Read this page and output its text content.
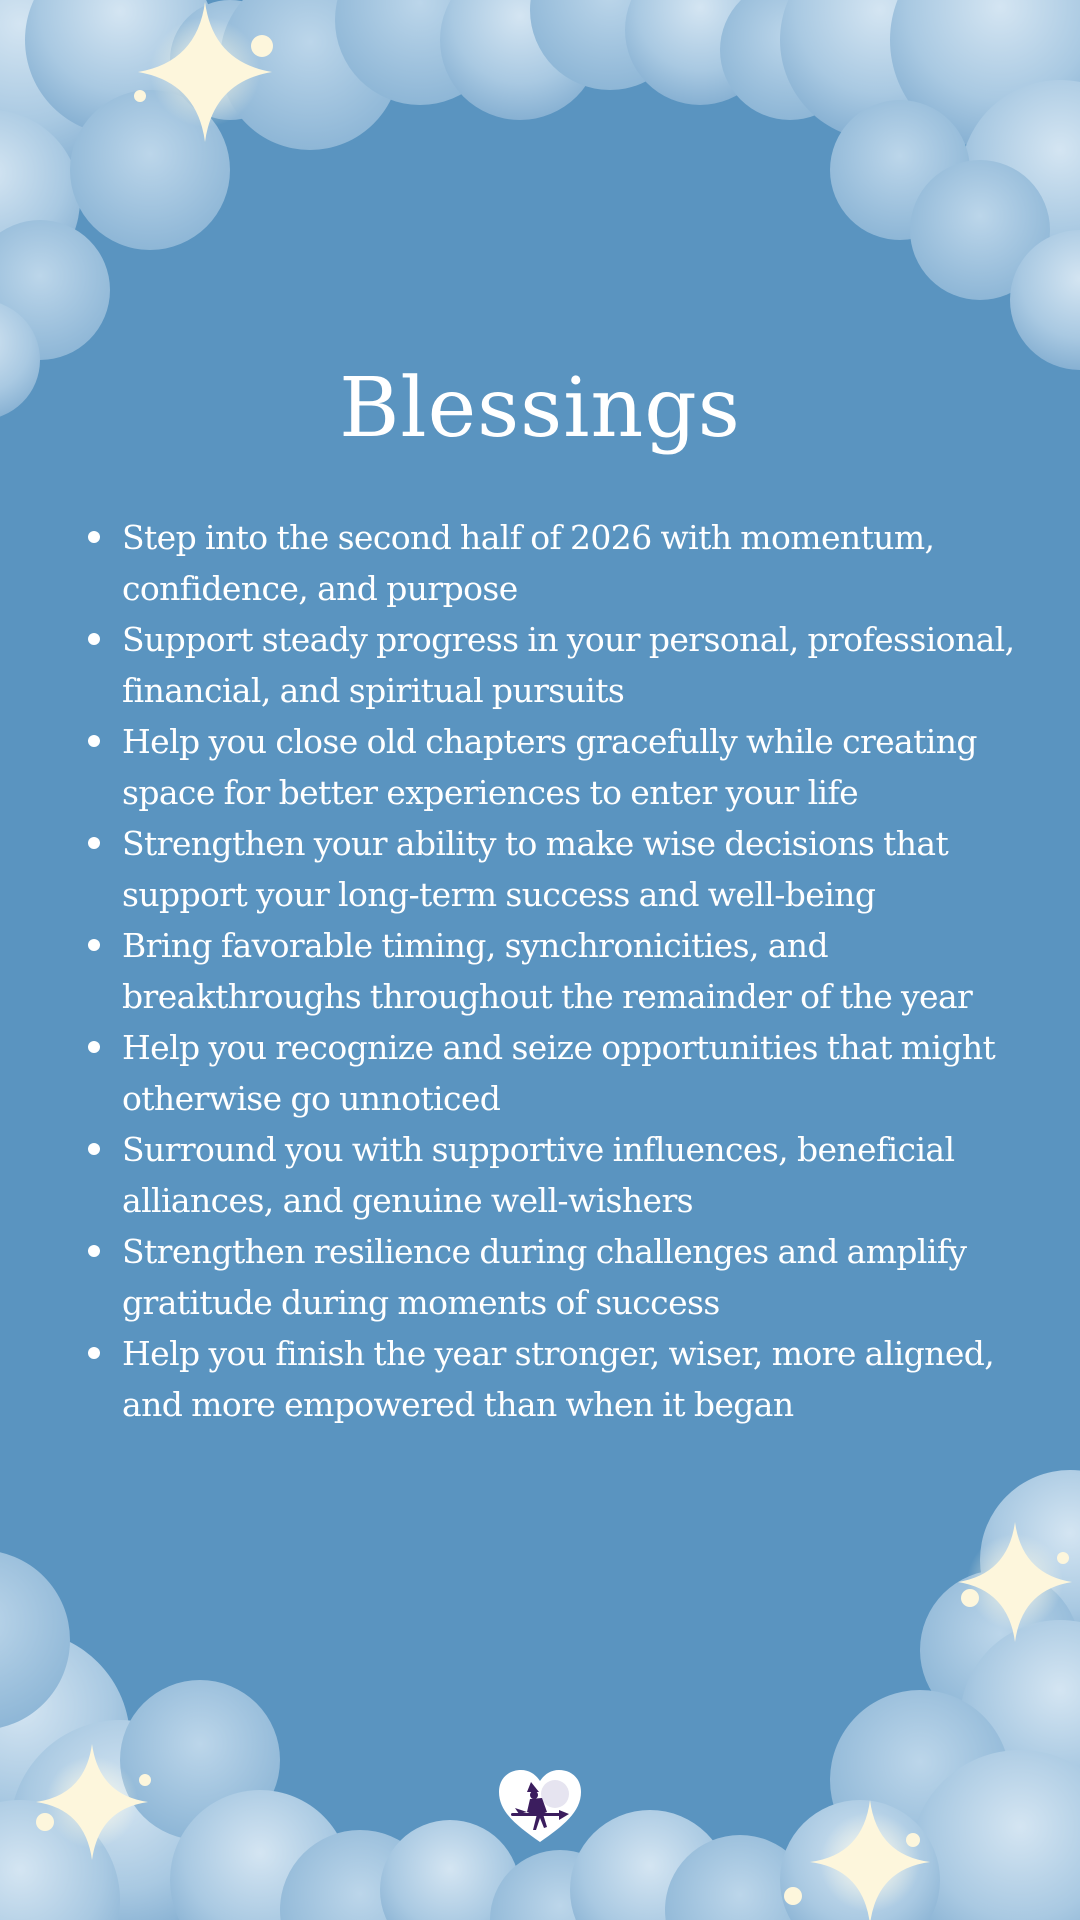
Blessings
Step into the second half of 2026 with momentum, confidence, and purpose
Support steady progress in your personal, professional, financial, and spiritual pursuits
Help you close old chapters gracefully while creating space for better experiences to enter your life
Strengthen your ability to make wise decisions that support your long-term success and well-being
Bring favorable timing, synchronicities, and breakthroughs throughout the remainder of the year
Help you recognize and seize opportunities that might otherwise go unnoticed
Surround you with supportive influences, beneficial alliances, and genuine well-wishers
Strengthen resilience during challenges and amplify gratitude during moments of success
Help you finish the year stronger, wiser, more aligned, and more empowered than when it began
